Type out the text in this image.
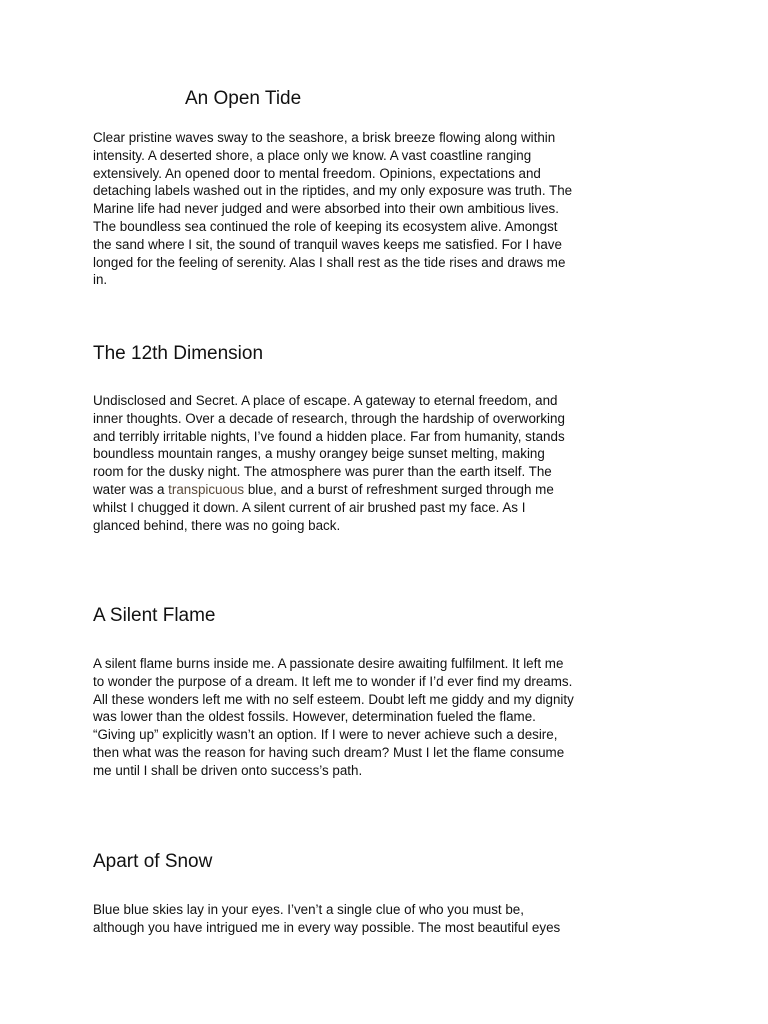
An Open Tide
Clear pristine waves sway to the seashore, a brisk breeze flowing along within
intensity. A deserted shore, a place only we know. A vast coastline ranging
extensively. An opened door to mental freedom. Opinions, expectations and
detaching labels washed out in the riptides, and my only exposure was truth. The
Marine life had never judged and were absorbed into their own ambitious lives.
The boundless sea continued the role of keeping its ecosystem alive. Amongst
the sand where I sit, the sound of tranquil waves keeps me satisfied. For I have
longed for the feeling of serenity. Alas I shall rest as the tide rises and draws me
in.
The 12th Dimension
Undisclosed and Secret. A place of escape. A gateway to eternal freedom, and
inner thoughts. Over a decade of research, through the hardship of overworking
and terribly irritable nights, I’ve found a hidden place. Far from humanity, stands
boundless mountain ranges, a mushy orangey beige sunset melting, making
room for the dusky night. The atmosphere was purer than the earth itself. The
water was a transpicuous blue, and a burst of refreshment surged through me
whilst I chugged it down. A silent current of air brushed past my face. As I
glanced behind, there was no going back.
A Silent Flame
A silent flame burns inside me. A passionate desire awaiting fulfilment. It left me
to wonder the purpose of a dream. It left me to wonder if I’d ever find my dreams.
All these wonders left me with no self esteem. Doubt left me giddy and my dignity
was lower than the oldest fossils. However, determination fueled the flame.
“Giving up” explicitly wasn’t an option. If I were to never achieve such a desire,
then what was the reason for having such dream? Must I let the flame consume
me until I shall be driven onto success’s path.
Apart of Snow
Blue blue skies lay in your eyes. I’ven’t a single clue of who you must be,
although you have intrigued me in every way possible. The most beautiful eyes
